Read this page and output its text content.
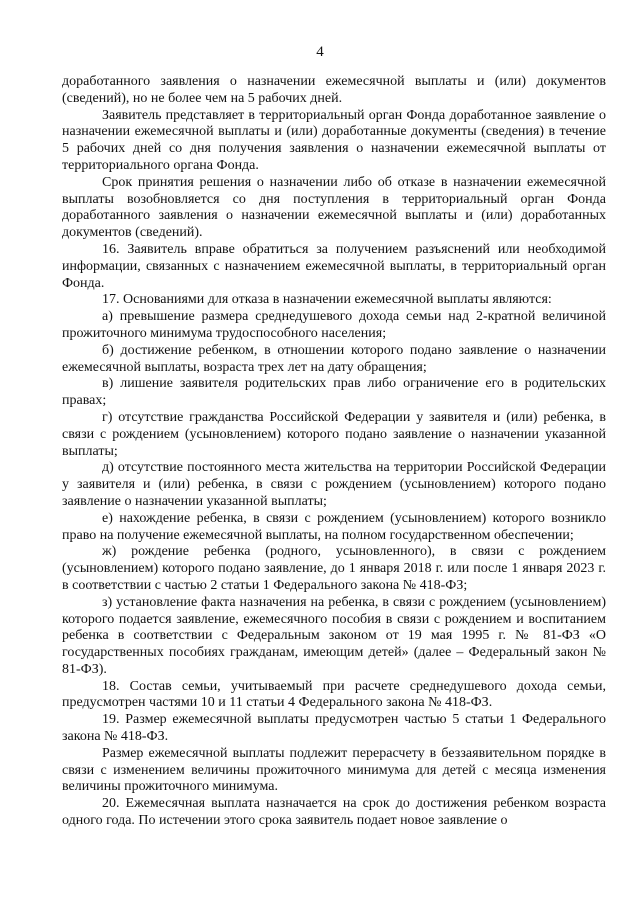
4

доработанного заявления о назначении ежемесячной выплаты и (или) документов (сведений), но не более чем на 5 рабочих дней.

Заявитель представляет в территориальный орган Фонда доработанное заявление о назначении ежемесячной выплаты и (или) доработанные документы (сведения) в течение 5 рабочих дней со дня получения заявления о назначении ежемесячной выплаты от территориального органа Фонда.

Срок принятия решения о назначении либо об отказе в назначении ежемесячной выплаты возобновляется со дня поступления в территориальный орган Фонда доработанного заявления о назначении ежемесячной выплаты и (или) доработанных документов (сведений).

16. Заявитель вправе обратиться за получением разъяснений или необходимой информации, связанных с назначением ежемесячной выплаты, в территориальный орган Фонда.

17. Основаниями для отказа в назначении ежемесячной выплаты являются:

а) превышение размера среднедушевого дохода семьи над 2-кратной величиной прожиточного минимума трудоспособного населения;

б) достижение ребенком, в отношении которого подано заявление о назначении ежемесячной выплаты, возраста трех лет на дату обращения;

в) лишение заявителя родительских прав либо ограничение его в родительских правах;

г) отсутствие гражданства Российской Федерации у заявителя и (или) ребенка, в связи с рождением (усыновлением) которого подано заявление о назначении указанной выплаты;

д) отсутствие постоянного места жительства на территории Российской Федерации у заявителя и (или) ребенка, в связи с рождением (усыновлением) которого подано заявление о назначении указанной выплаты;

е) нахождение ребенка, в связи с рождением (усыновлением) которого возникло право на получение ежемесячной выплаты, на полном государственном обеспечении;

ж) рождение ребенка (родного, усыновленного), в связи с рождением (усыновлением) которого подано заявление, до 1 января 2018 г. или после 1 января 2023 г. в соответствии с частью 2 статьи 1 Федерального закона № 418-ФЗ;

з) установление факта назначения на ребенка, в связи с рождением (усыновлением) которого подается заявление, ежемесячного пособия в связи с рождением и воспитанием ребенка в соответствии с Федеральным законом от 19 мая 1995 г. № 81-ФЗ «О государственных пособиях гражданам, имеющим детей» (далее – Федеральный закон № 81-ФЗ).

18. Состав семьи, учитываемый при расчете среднедушевого дохода семьи, предусмотрен частями 10 и 11 статьи 4 Федерального закона № 418-ФЗ.

19. Размер ежемесячной выплаты предусмотрен частью 5 статьи 1 Федерального закона № 418-ФЗ.

Размер ежемесячной выплаты подлежит перерасчету в беззаявительном порядке в связи с изменением величины прожиточного минимума для детей с месяца изменения величины прожиточного минимума.

20. Ежемесячная выплата назначается на срок до достижения ребенком возраста одного года. По истечении этого срока заявитель подает новое заявление о
